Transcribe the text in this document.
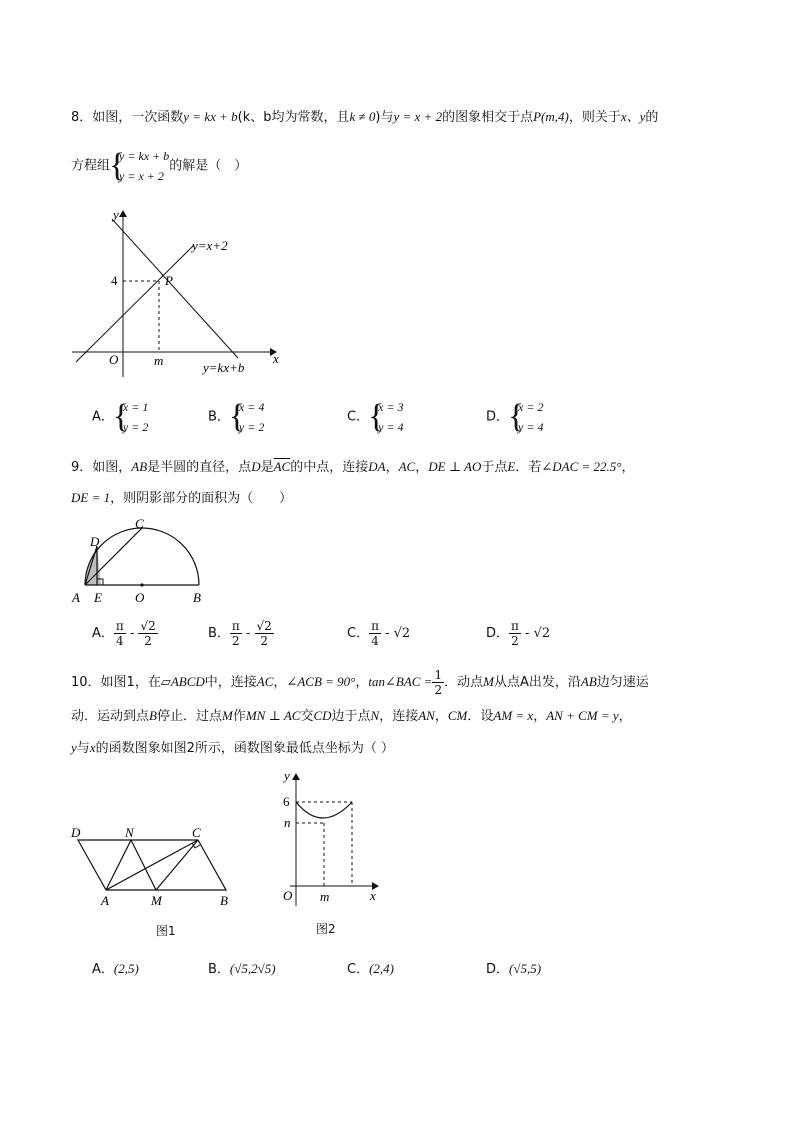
8．如图，一次函数y = kx + b(k、b均为常数，且k ≠ 0)与y = x + 2的图象相交于点P(m,4)，则关于x、y的
方程组
{ y = kx + b
y = x + 2
的解是（　）
y
x
O	m
4	P
y=x+2
y=kx+b
A．
{ x = 1
y = 2
B．
{ x = 4
y = 2
C．
{ x = 3
y = 4
D．
{ x = 2
y = 4
9．如图，AB是半圆的直径，点D是$\overline{AC}$的中点，连接DA，AC，DE ⊥ AO于点E．若∠DAC = 22.5°，
DE = 1，则阴影部分的面积为（　　）
A E	O	B
D
C
A． $\frac{\pi}{4} - \frac{√2}{2}$	B． $\frac{\pi}{2} - \frac{√2}{2}$	C． $\frac{\pi}{4} - √2$	D． $\frac{\pi}{2} - √2$
10．如图1，在▱ABCD中，连接AC，∠ACB = 90°，tan∠BAC = $\frac{1}{2}$ ．动点M从点A出发，沿AB边匀速运
动．运动到点B停止．过点M作MN ⊥ AC交CD边于点N，连接AN，CM．设AM = x，AN + CM = y，
y与x的函数图象如图2所示，函数图象最低点坐标为（ ）
D	N	C
A	M	B
图1
y
x
O
6
n
m
图2
A．(2,5)	B．(√5,2√5)	C．(2,4)	D．(√5,5)
